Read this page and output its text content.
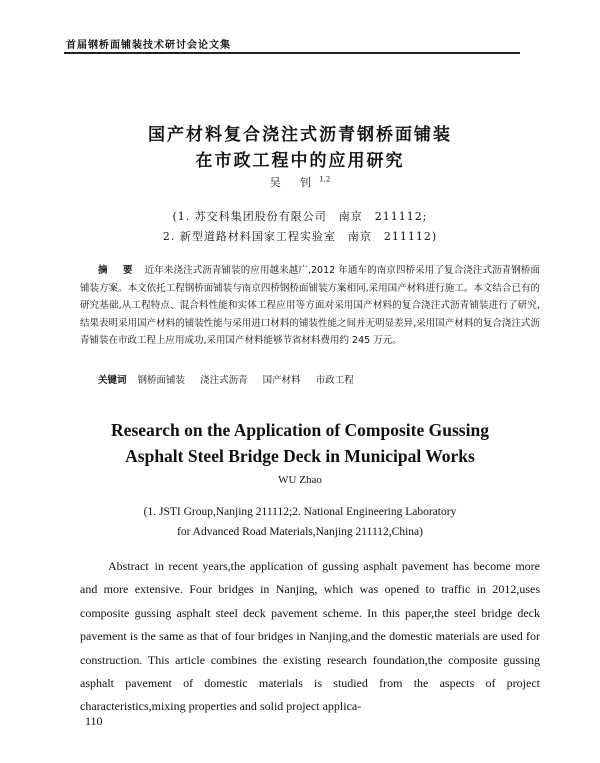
首届钢桥面铺装技术研讨会论文集
国产材料复合浇注式沥青钢桥面铺装
在市政工程中的应用研究
吴 钊$^{1,2}$
(1. 苏交科集团股份有限公司　南京　211112;
2. 新型道路材料国家工程实验室　南京　211112)
摘 要 近年来浇注式沥青铺装的应用越来越广,2012 年通车的南京四桥采用了复合浇注式沥青钢桥面铺装方案。本文依托工程钢桥面铺装与南京四桥钢桥面铺装方案相同,采用国产材料进行施工。本文结合已有的研究基础,从工程特点、混合料性能和实体工程应用等方面对采用国产材料的复合浇注式沥青铺装进行了研究,结果表明采用国产材料的铺装性能与采用进口材料的铺装性能之间并无明显差异,采用国产材料的复合浇注式沥青铺装在市政工程上应用成功,采用国产材料能够节省材料费用约 245 万元。
关键词 钢桥面铺装 浇注式沥青 国产材料 市政工程
Research on the Application of Composite Gussing
Asphalt Steel Bridge Deck in Municipal Works
WU Zhao
(1. JSTI Group,Nanjing 211112;2. National Engineering Laboratory
for Advanced Road Materials,Nanjing 211112,China)
Abstract in recent years,the application of gussing asphalt pavement has become more and more extensive. Four bridges in Nanjing, which was opened to traffic in 2012,uses composite gussing asphalt steel deck pavement scheme. In this paper,the steel bridge deck pavement is the same as that of four bridges in Nanjing,and the domestic materials are used for construction. This article combines the existing research foundation,the composite gussing asphalt pavement of domestic materials is studied from the aspects of project characteristics,mixing properties and solid project applica-
110
